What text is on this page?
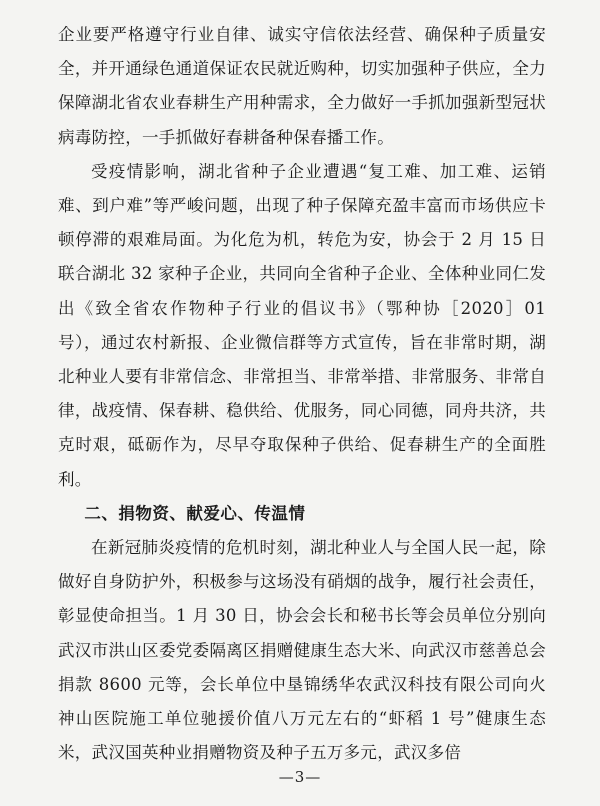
企业要严格遵守行业自律、诚实守信依法经营、确保种子质量安全，并开通绿色通道保证农民就近购种，切实加强种子供应，全力保障湖北省农业春耕生产用种需求，全力做好一手抓加强新型冠状病毒防控，一手抓做好春耕备种保春播工作。

受疫情影响，湖北省种子企业遭遇“复工难、加工难、运销难、到户难”等严峻问题，出现了种子保障充盈丰富而市场供应卡顿停滞的艰难局面。为化危为机，转危为安，协会于 2 月 15 日联合湖北 32 家种子企业，共同向全省种子企业、全体种业同仁发出《致全省农作物种子行业的倡议书》（鄂种协［2020］01 号），通过农村新报、企业微信群等方式宣传，旨在非常时期，湖北种业人要有非常信念、非常担当、非常举措、非常服务、非常自律，战疫情、保春耕、稳供给、优服务，同心同德，同舟共济，共克时艰，砥砺作为，尽早夺取保种子供给、促春耕生产的全面胜利。

二、捐物资、献爱心、传温情

在新冠肺炎疫情的危机时刻，湖北种业人与全国人民一起，除做好自身防护外，积极参与这场没有硝烟的战争，履行社会责任，彰显使命担当。1 月 30 日，协会会长和秘书长等会员单位分别向武汉市洪山区委党委隔离区捐赠健康生态大米、向武汉市慈善总会捐款 8600 元等，会长单位中垦锦绣华农武汉科技有限公司向火神山医院施工单位驰援价值八万元左右的“虾稻 1 号”健康生态米，武汉国英种业捐赠物资及种子五万多元，武汉多倍

—3—
